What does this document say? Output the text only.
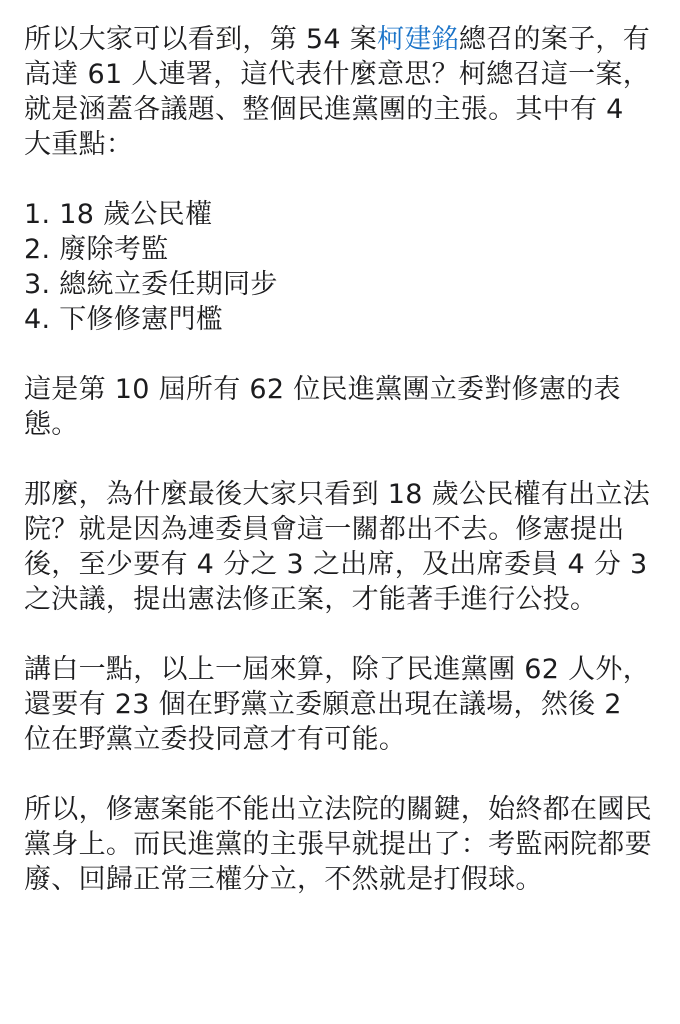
所以大家可以看到，第 54 案柯建銘總召的案子，有高達 61 人連署，這代表什麼意思？柯總召這一案，就是涵蓋各議題、整個民進黨團的主張。其中有 4 大重點：

1. 18 歲公民權
2. 廢除考監
3. 總統立委任期同步
4. 下修修憲門檻

這是第 10 屆所有 62 位民進黨團立委對修憲的表態。

那麼，為什麼最後大家只看到 18 歲公民權有出立法院？就是因為連委員會這一關都出不去。修憲提出後，至少要有 4 分之 3 之出席，及出席委員 4 分 3 之決議，提出憲法修正案，才能著手進行公投。

講白一點，以上一屆來算，除了民進黨團 62 人外，還要有 23 個在野黨立委願意出現在議場，然後 2 位在野黨立委投同意才有可能。

所以，修憲案能不能出立法院的關鍵，始終都在國民黨身上。而民進黨的主張早就提出了：考監兩院都要廢、回歸正常三權分立，不然就是打假球。
